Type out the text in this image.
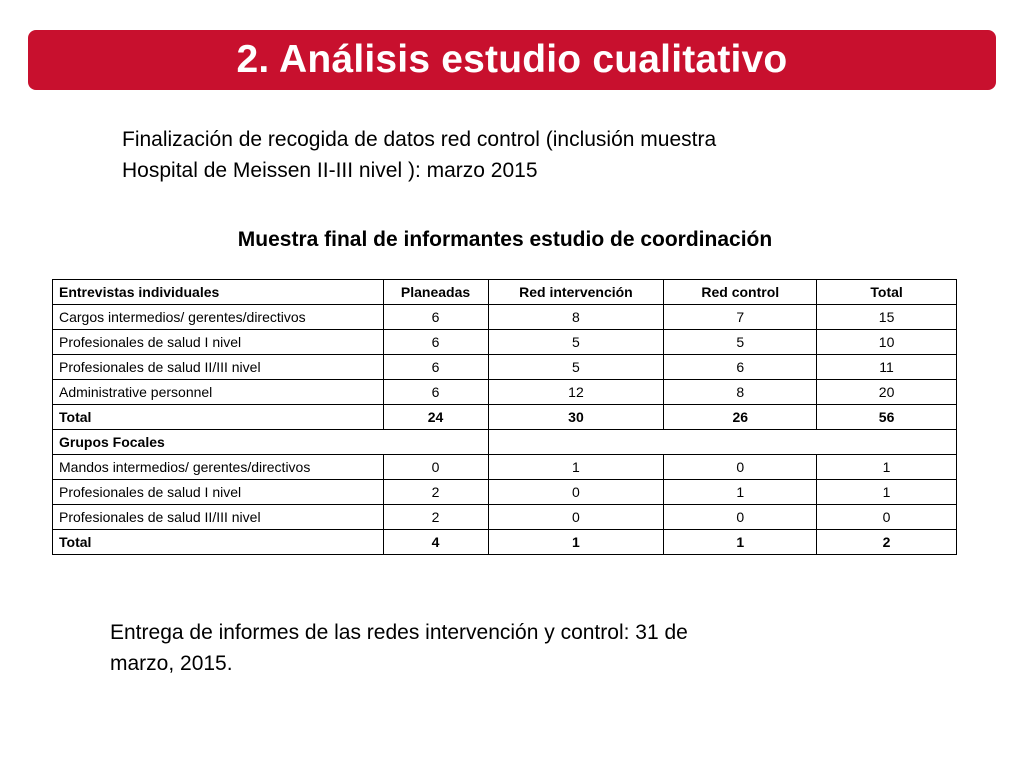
2. Análisis estudio cualitativo
Finalización de recogida de datos red control (inclusión muestra
Hospital de Meissen II-III nivel ): marzo 2015
Muestra final de informantes estudio de coordinación
Entrevistas individuales	Planeadas	Red intervención	Red control	Total
Cargos intermedios/ gerentes/directivos	6	8	7	15
Profesionales de salud I nivel	6	5	5	10
Profesionales de salud II/III nivel	6	5	6	11
Administrative personnel	6	12	8	20
Total	24	30	26	56
Grupos Focales				
Mandos intermedios/ gerentes/directivos	0	1	0	1
Profesionales de salud I nivel	2	0	1	1
Profesionales de salud II/III nivel	2	0	0	0
Total	4	1	1	2
Entrega de informes de las redes intervención y control: 31 de
marzo, 2015.
